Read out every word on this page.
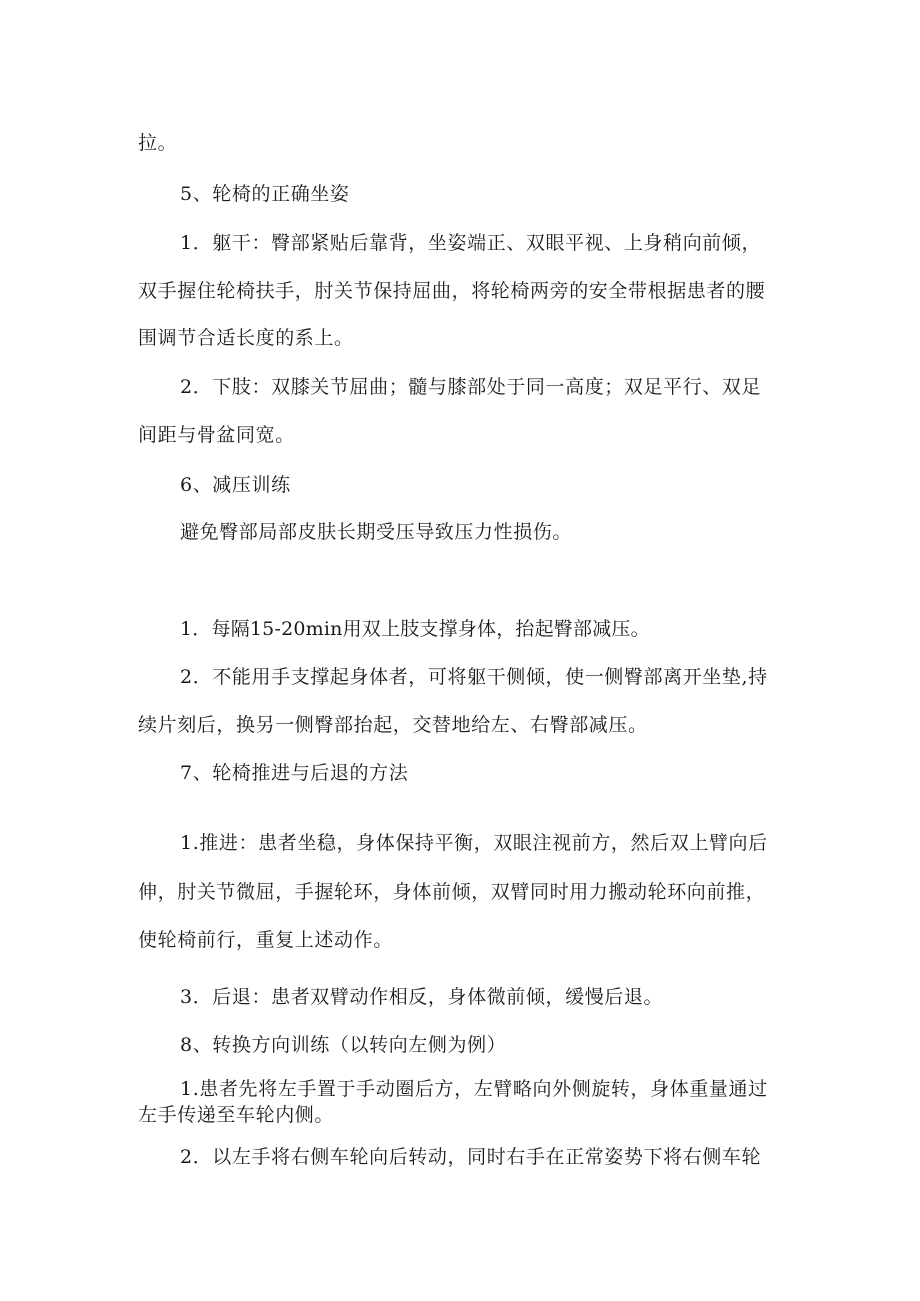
拉。
5、轮椅的正确坐姿
1．躯干：臀部紧贴后靠背，坐姿端正、双眼平视、上身稍向前倾，
双手握住轮椅扶手，肘关节保持屈曲，将轮椅两旁的安全带根据患者的腰
围调节合适长度的系上。
2．下肢：双膝关节屈曲；髓与膝部处于同一高度；双足平行、双足
间距与骨盆同宽。
6、减压训练
避免臀部局部皮肤长期受压导致压力性损伤。
1．每隔15-20min用双上肢支撑身体，抬起臀部减压。
2．不能用手支撑起身体者，可将躯干侧倾，使一侧臀部离开坐垫,持
续片刻后，换另一侧臀部抬起，交替地给左、右臀部减压。
7、轮椅推进与后退的方法
1.推进：患者坐稳，身体保持平衡，双眼注视前方，然后双上臂向后
伸，肘关节微屈，手握轮环，身体前倾，双臂同时用力搬动轮环向前推，
使轮椅前行，重复上述动作。
3．后退：患者双臂动作相反，身体微前倾，缓慢后退。
8、转换方向训练（以转向左侧为例）
1.患者先将左手置于手动圈后方，左臂略向外侧旋转，身体重量通过
左手传递至车轮内侧。
2．以左手将右侧车轮向后转动，同时右手在正常姿势下将右侧车轮
